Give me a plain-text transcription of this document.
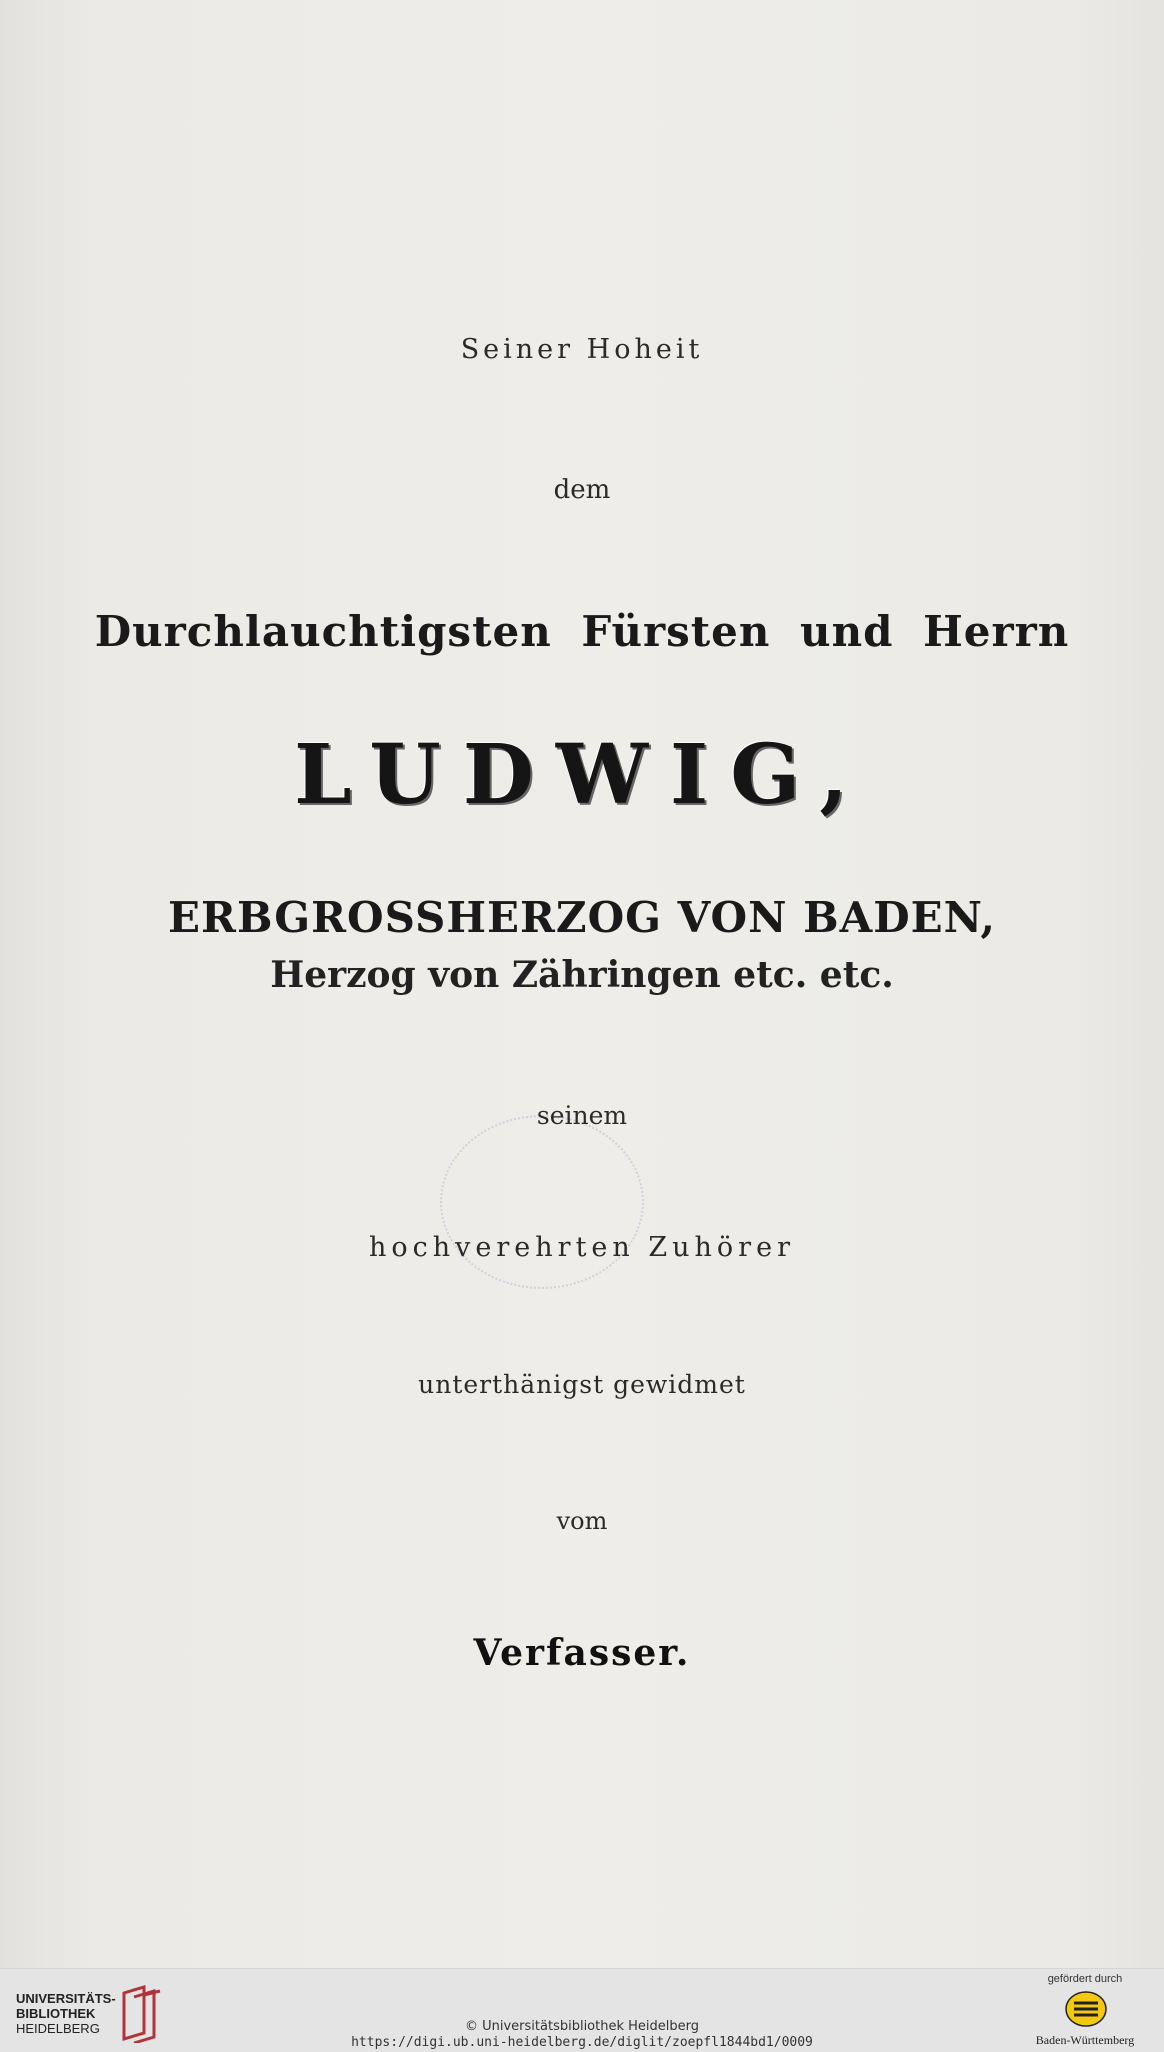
Seiner Hoheit
dem
Durchlauchtigsten Fürsten und Herrn
LUDWIG,
ERBGROSSHERZOG VON BADEN,
Herzog von Zähringen etc. etc.
seinem
hochverehrten Zuhörer
unterthänigst gewidmet
vom
Verfasser.
UNIVERSITÄTS-
BIBLIOTHEK
HEIDELBERG	© Universitätsbibliothek Heidelberg
https://digi.ub.uni-heidelberg.de/diglit/zoepfl1844bd1/0009
gefördert durch
Baden-Württemberg
